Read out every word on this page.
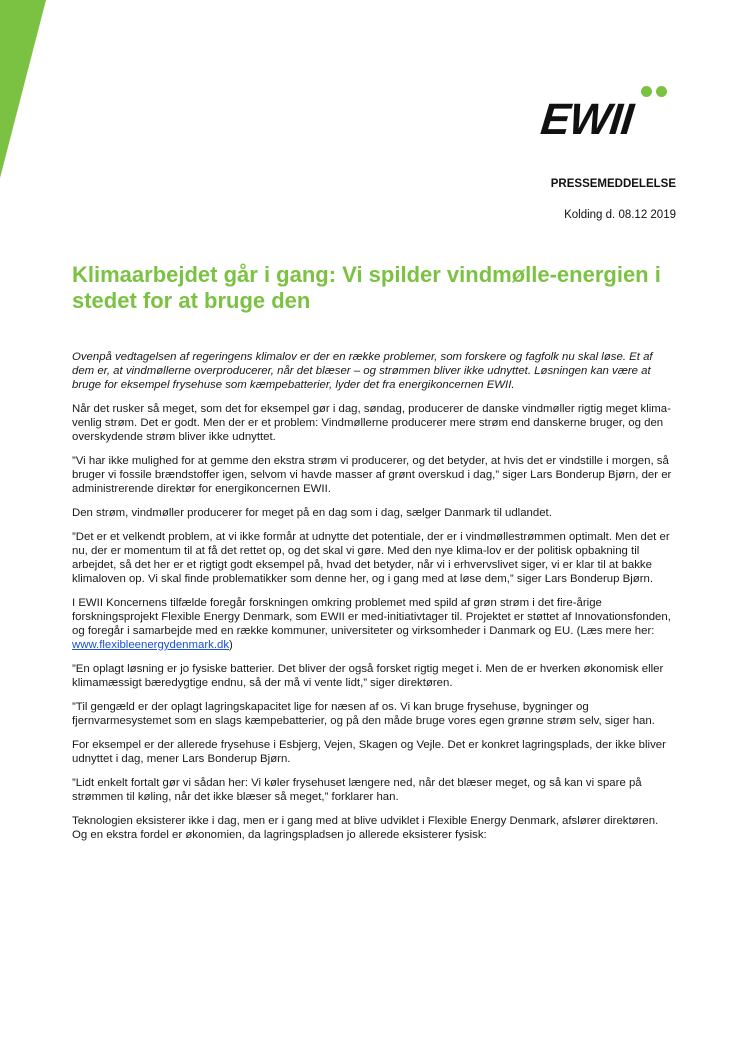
EWII
PRESSEMEDDELELSE
Kolding d. 08.12 2019
Klimaarbejdet går i gang: Vi spilder vindmølle-energien i stedet for at bruge den

Ovenpå vedtagelsen af regeringens klimalov er der en række problemer, som forskere og fagfolk nu skal løse. Et af dem er, at vindmøllerne overproducerer, når det blæser – og strømmen bliver ikke udnyttet. Løsningen kan være at bruge for eksempel frysehuse som kæmpebatterier, lyder det fra energikoncernen EWII.

Når det rusker så meget, som det for eksempel gør i dag, søndag, producerer de danske vindmøller rigtig meget klima-venlig strøm. Det er godt. Men der er et problem: Vindmøllerne producerer mere strøm end danskerne bruger, og den overskydende strøm bliver ikke udnyttet.

”Vi har ikke mulighed for at gemme den ekstra strøm vi producerer, og det betyder, at hvis det er vindstille i morgen, så bruger vi fossile brændstoffer igen, selvom vi havde masser af grønt overskud i dag,” siger Lars Bonderup Bjørn, der er administrerende direktør for energikoncernen EWII.

Den strøm, vindmøller producerer for meget på en dag som i dag, sælger Danmark til udlandet.

”Det er et velkendt problem, at vi ikke formår at udnytte det potentiale, der er i vindmøllestrømmen optimalt. Men det er nu, der er momentum til at få det rettet op, og det skal vi gøre. Med den nye klima-lov er der politisk opbakning til arbejdet, så det her er et rigtigt godt eksempel på, hvad det betyder, når vi i erhvervslivet siger, vi er klar til at bakke klimaloven op. Vi skal finde problematikker som denne her, og i gang med at løse dem,” siger Lars Bonderup Bjørn.

I EWII Koncernens tilfælde foregår forskningen omkring problemet med spild af grøn strøm i det fire-årige forskningsprojekt Flexible Energy Denmark, som EWII er med-initiativtager til. Projektet er støttet af Innovationsfonden, og foregår i samarbejde med en række kommuner, universiteter og virksomheder i Danmark og EU. (Læs mere her: www.flexibleenergydenmark.dk)

”En oplagt løsning er jo fysiske batterier. Det bliver der også forsket rigtig meget i. Men de er hverken økonomisk eller klimamæssigt bæredygtige endnu, så der må vi vente lidt,” siger direktøren.

”Til gengæld er der oplagt lagringskapacitet lige for næsen af os. Vi kan bruge frysehuse, bygninger og fjernvarmesystemet som en slags kæmpebatterier, og på den måde bruge vores egen grønne strøm selv, siger han.

For eksempel er der allerede frysehuse i Esbjerg, Vejen, Skagen og Vejle. Det er konkret lagringsplads, der ikke bliver udnyttet i dag, mener Lars Bonderup Bjørn.

”Lidt enkelt fortalt gør vi sådan her: Vi køler frysehuset længere ned, når det blæser meget, og så kan vi spare på strømmen til køling, når det ikke blæser så meget,” forklarer han.

Teknologien eksisterer ikke i dag, men er i gang med at blive udviklet i Flexible Energy Denmark, afslører direktøren. Og en ekstra fordel er økonomien, da lagringspladsen jo allerede eksisterer fysisk:
